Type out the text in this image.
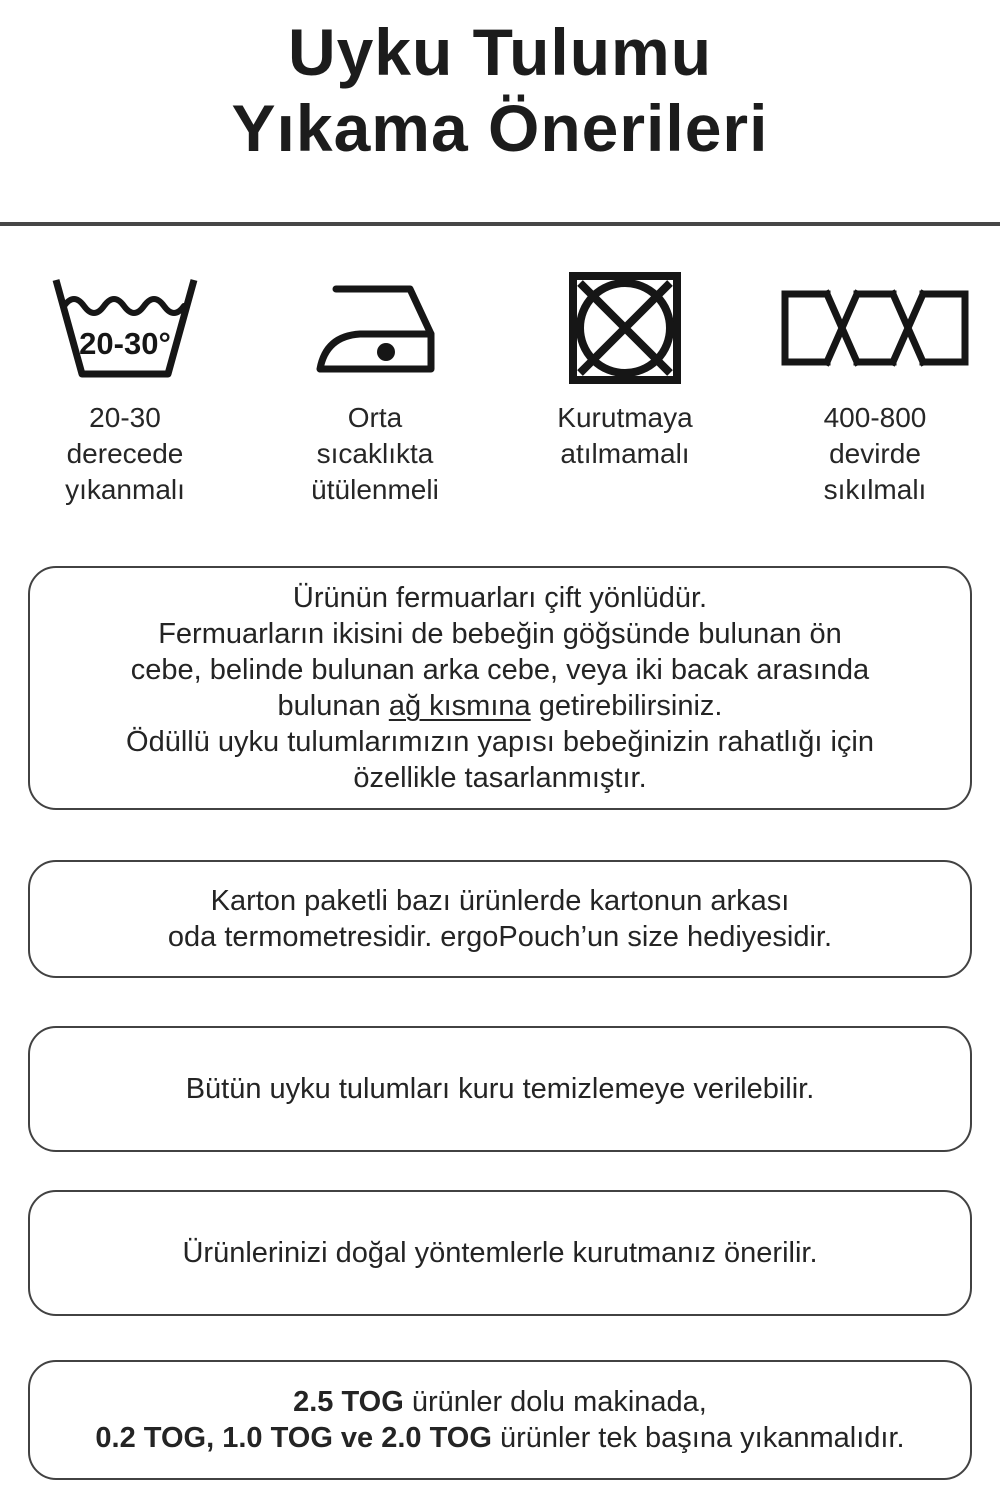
Uyku Tulumu
Yıkama Önerileri
20-30°
20-30
derecede
yıkanmalı
Orta
sıcaklıkta
ütülenmeli
Kurutmaya
atılmamalı
400-800
devirde
sıkılmalı
Ürünün fermuarları çift yönlüdür.
Fermuarların ikisini de bebeğin göğsünde bulunan ön
cebe, belinde bulunan arka cebe, veya iki bacak arasında
bulunan ağ kısmına getirebilirsiniz.
Ödüllü uyku tulumlarımızın yapısı bebeğinizin rahatlığı için
özellikle tasarlanmıştır.
Karton paketli bazı ürünlerde kartonun arkası
oda termometresidir. ergoPouch’un size hediyesidir.
Bütün uyku tulumları kuru temizlemeye verilebilir.
Ürünlerinizi doğal yöntemlerle kurutmanız önerilir.
2.5 TOG ürünler dolu makinada,
0.2 TOG, 1.0 TOG ve 2.0 TOG ürünler tek başına yıkanmalıdır.
